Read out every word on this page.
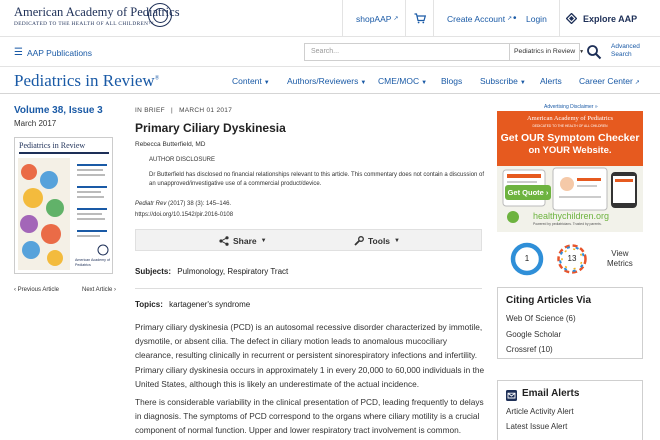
American Academy of Pediatrics
DEDICATED TO THE HEALTH OF ALL CHILDREN™
shopAAP ↗	Create Account ↗ • Login	Explore AAP
☰ AAP Publications	Search...	Pediatrics in Review ▼
Advanced
Search
Pediatrics in Review®	Content ▼ Authors/Reviewers ▼ CME/MOC ▼ Blogs Subscribe ▼ Alerts Career Center ↗
Volume 38, Issue 3
March 2017
Pediatrics in Review
American Academy of Pediatrics
‹ Previous Article	Next Article ›
IN BRIEF | MARCH 01 2017
Primary Ciliary Dyskinesia
Rebecca Butterfield, MD
AUTHOR DISCLOSURE
Dr Butterfield has disclosed no financial relationships relevant to this article. This commentary does not contain a discussion of an unapproved/investigative use of a commercial product/device.
Pediatr Rev (2017) 38 (3): 145–146.
https://doi.org/10.1542/pir.2016-0108
Share ▼	Tools ▼
Subjects: Pulmonology, Respiratory Tract
Topics: kartagener's syndrome
Primary ciliary dyskinesia (PCD) is an autosomal recessive disorder characterized by immotile, dysmotile, or absent cilia. The defect in ciliary motion leads to anomalous mucociliary clearance, resulting clinically in recurrent or persistent sinorespiratory infections and infertility. Primary ciliary dyskinesia occurs in approximately 1 in every 20,000 to 60,000 individuals in the United States, although this is likely an underestimate of the actual incidence.
There is considerable variability in the clinical presentation of PCD, leading frequently to delays in diagnosis. The symptoms of PCD correspond to the organs where ciliary motility is a crucial component of normal function. Upper and lower respiratory tract involvement is common.
Advertising Disclaimer »
American Academy of Pediatrics
DEDICATED TO THE HEALTH OF ALL CHILDREN
Get OUR Symptom Checker
on YOUR Website.
Get Quote ›
healthychildren.org
Powered by pediatricians. Trusted by parents.
1	13
View
Metrics
Citing Articles Via
Web Of Science (6)
Google Scholar
Crossref (10)
Email Alerts
Article Activity Alert
Latest Issue Alert
